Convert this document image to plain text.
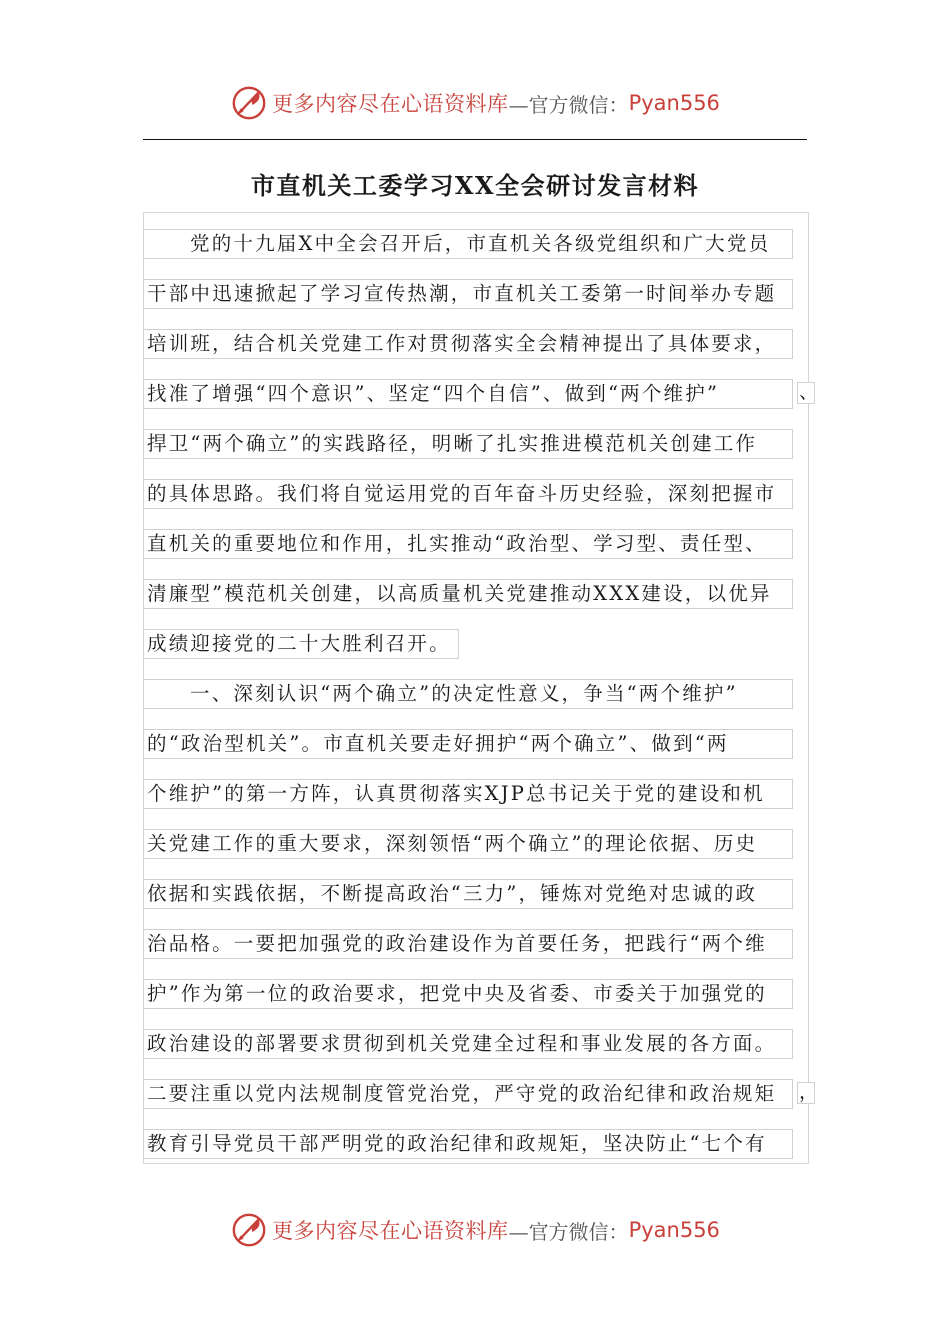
更多内容尽在心语资料库 —官方微信： Pyan556
市直机关工委学习XX全会研讨发言材料
党的十九届X中全会召开后，市直机关各级党组织和广大党员
干部中迅速掀起了学习宣传热潮，市直机关工委第一时间举办专题
培训班，结合机关党建工作对贯彻落实全会精神提出了具体要求，
找准了增强“四个意识”、坚定“四个自信”、做到“两个维护”	、
捍卫“两个确立”的实践路径，明晰了扎实推进模范机关创建工作
的具体思路。我们将自觉运用党的百年奋斗历史经验，深刻把握市
直机关的重要地位和作用，扎实推动“政治型、学习型、责任型、
清廉型”模范机关创建，以高质量机关党建推动XXX建设，以优异
成绩迎接党的二十大胜利召开。
一、深刻认识“两个确立”的决定性意义，争当“两个维护”
的“政治型机关”。市直机关要走好拥护“两个确立”、做到“两
个维护”的第一方阵，认真贯彻落实XJP总书记关于党的建设和机
关党建工作的重大要求，深刻领悟“两个确立”的理论依据、历史
依据和实践依据，不断提高政治“三力”，锤炼对党绝对忠诚的政
治品格。一要把加强党的政治建设作为首要任务，把践行“两个维
护”作为第一位的政治要求，把党中央及省委、市委关于加强党的
政治建设的部署要求贯彻到机关党建全过程和事业发展的各方面。
二要注重以党内法规制度管党治党，严守党的政治纪律和政治规矩	，
教育引导党员干部严明党的政治纪律和政规矩，坚决防止“七个有
更多内容尽在心语资料库 —官方微信： Pyan556
